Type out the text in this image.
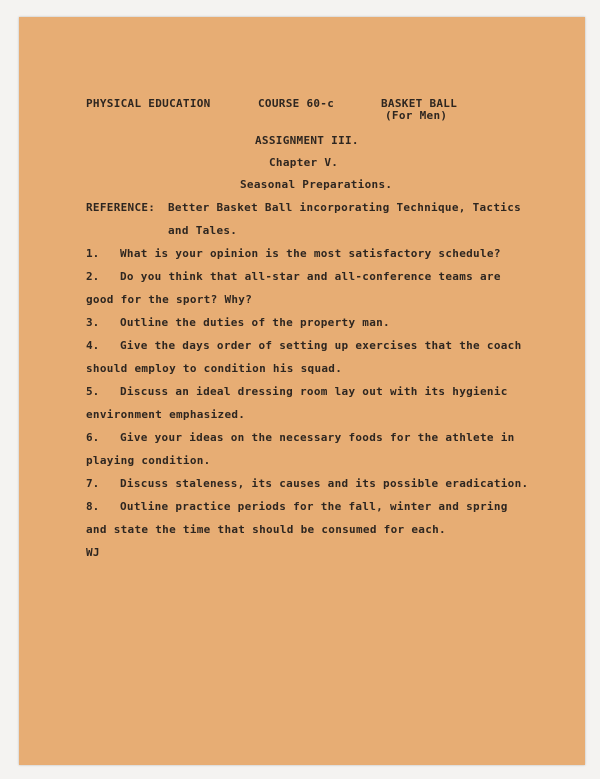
PHYSICAL EDUCATION	COURSE 60-c	BASKET BALL
(For Men)
ASSIGNMENT III.
Chapter V.
Seasonal Preparations.
REFERENCE: Better Basket Ball incorporating Technique, Tactics
and Tales.
1. What is your opinion is the most satisfactory schedule?
2. Do you think that all-star and all-conference teams are
good for the sport? Why?
3. Outline the duties of the property man.
4. Give the days order of setting up exercises that the coach
should employ to condition his squad.
5. Discuss an ideal dressing room lay out with its hygienic
environment emphasized.
6. Give your ideas on the necessary foods for the athlete in
playing condition.
7. Discuss staleness, its causes and its possible eradication.
8. Outline practice periods for the fall, winter and spring
and state the time that should be consumed for each.
WJ
